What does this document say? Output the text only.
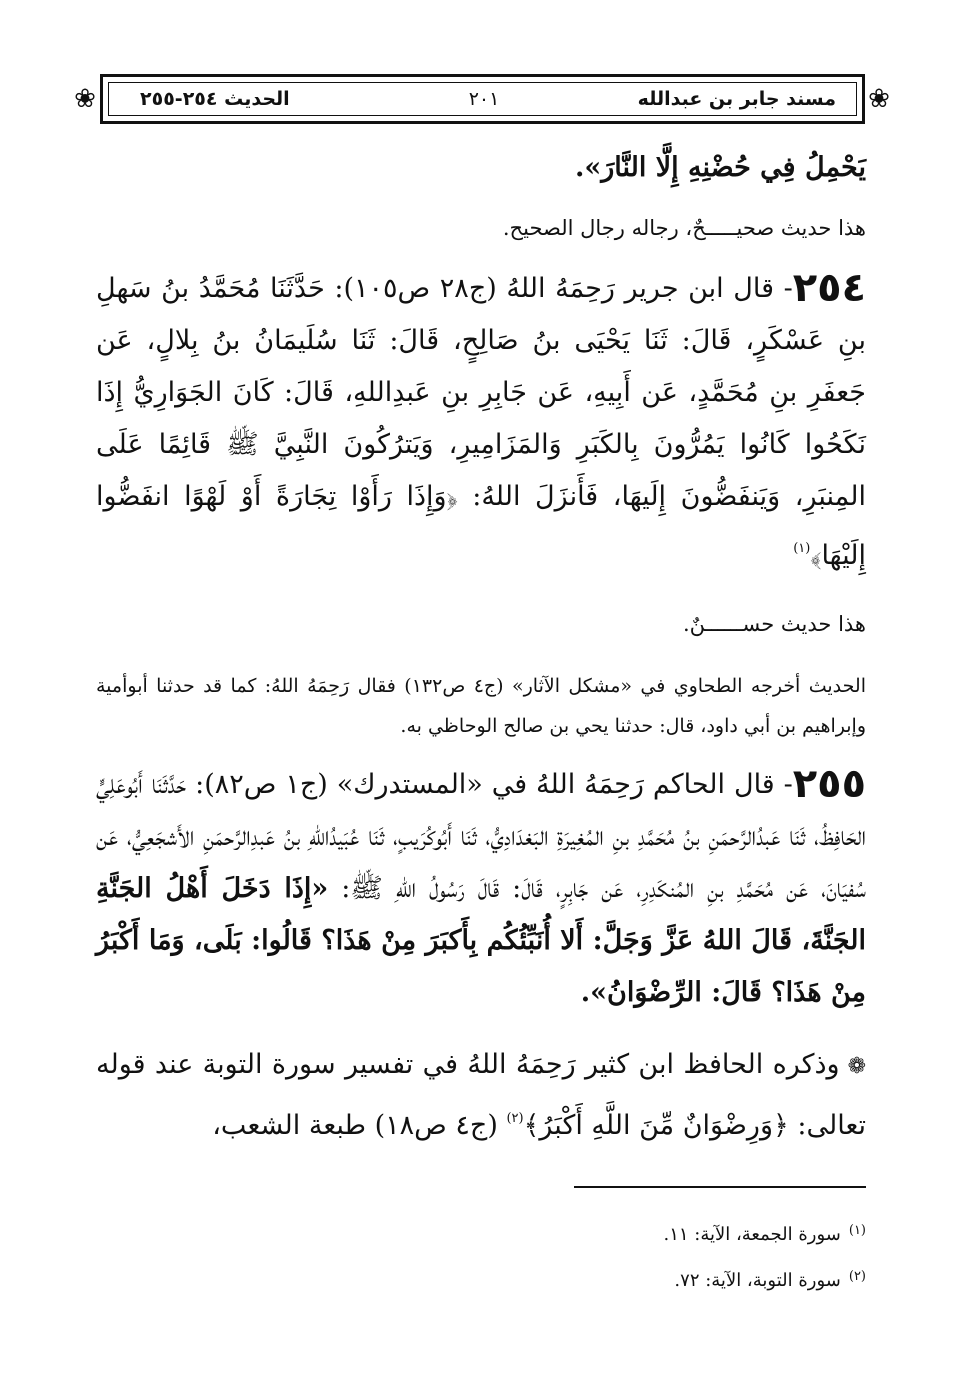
❀	❀
مسند جابر بن عبدالله
٢٠١
الحديث ٢٥٤-٢٥٥

يَحْمِلُ فِي حُضْنِهِ إِلَّا النَّارَ».

هذا حديث صحيـــــحٌ، رجاله رجال الصحيح.

٢٥٤- قال ابن جرير رَحِمَهُ اللهُ (ج٢٨ ص١٠٥): حَدَّثَنَا مُحَمَّدُ بنُ سَهلِ بنِ عَسْكَرٍ، قَالَ: ثَنَا يَحْيَى بنُ صَالِحٍ، قَالَ: ثَنَا سُلَيمَانُ بنُ بِلالٍ، عَن جَعفَرِ بنِ مُحَمَّدٍ، عَن أَبِيهِ، عَن جَابِرِ بنِ عَبدِاللهِ، قَالَ: كَانَ الجَوَارِيُّ إِذَا نَكَحُوا كَانُوا يَمُرُّونَ بِالكَبَرِ وَالمَزَامِيرِ، وَيَترُكُونَ النَّبِيَّ ﷺ قَائِمًا عَلَى المِنبَرِ، وَيَنفَضُّونَ إِلَيهَا، فَأَنزَلَ اللهُ: ﴿وَإِذَا رَأَوْا تِجَارَةً أَوْ لَهْوًا انفَضُّوا إِلَيْهَا﴾$^{(١)}$

هذا حديث حســــــنٌ.

الحديث أخرجه الطحاوي في «مشكل الآثار» (ج٤ ص١٣٢) فقال رَحِمَهُ اللهُ: كما قد حدثنا أبوأمية وإبراهيم بن أبي داود، قال: حدثنا يحي بن صالح الوحاظي به.

٢٥٥- قال الحاكم رَحِمَهُ اللهُ في «المستدرك» (ج١ ص٨٢): حَدَّثَنَا أَبُوعَلِيٍّ الحَافِظُ، ثَنَا عَبدُالرَّحمَنِ بنُ مُحَمَّدِ بنِ المُغِيرَةِ البَغدَادِيُّ، ثَنَا أَبُوكُرَيبٍ، ثَنَا عُبَيدُاللهِ بنُ عَبدِالرَّحمَنِ الأَشجَعِيُّ، عَن سُفيَانَ، عَن مُحَمَّدِ بنِ المُنكَدِرِ، عَن جَابِرٍ، قَالَ: قَالَ رَسُولُ اللهِ ﷺ: «إِذَا دَخَلَ أَهْلُ الجَنَّةِ الجَنَّةَ، قَالَ اللهُ عَزَّ وَجَلَّ: أَلا أُنَبِّئُكُم بِأَكبَرَ مِنْ هَذَا؟ قَالُوا: بَلَى، وَمَا أَكْبَرُ مِنْ هَذَا؟ قَالَ: الرِّضْوَانُ».

❁وذكره الحافظ ابن كثير رَحِمَهُ اللهُ في تفسير سورة التوبة عند قوله تعالى: ﴿وَرِضْوَانٌ مِّنَ اللَّهِ أَكْبَرُ﴾$^{(٢)}$ (ج٤ ص١٨) طبعة الشعب،

$^{(١)}$سورة الجمعة، الآية: ١١.

$^{(٢)}$سورة التوبة، الآية: ٧٢.
